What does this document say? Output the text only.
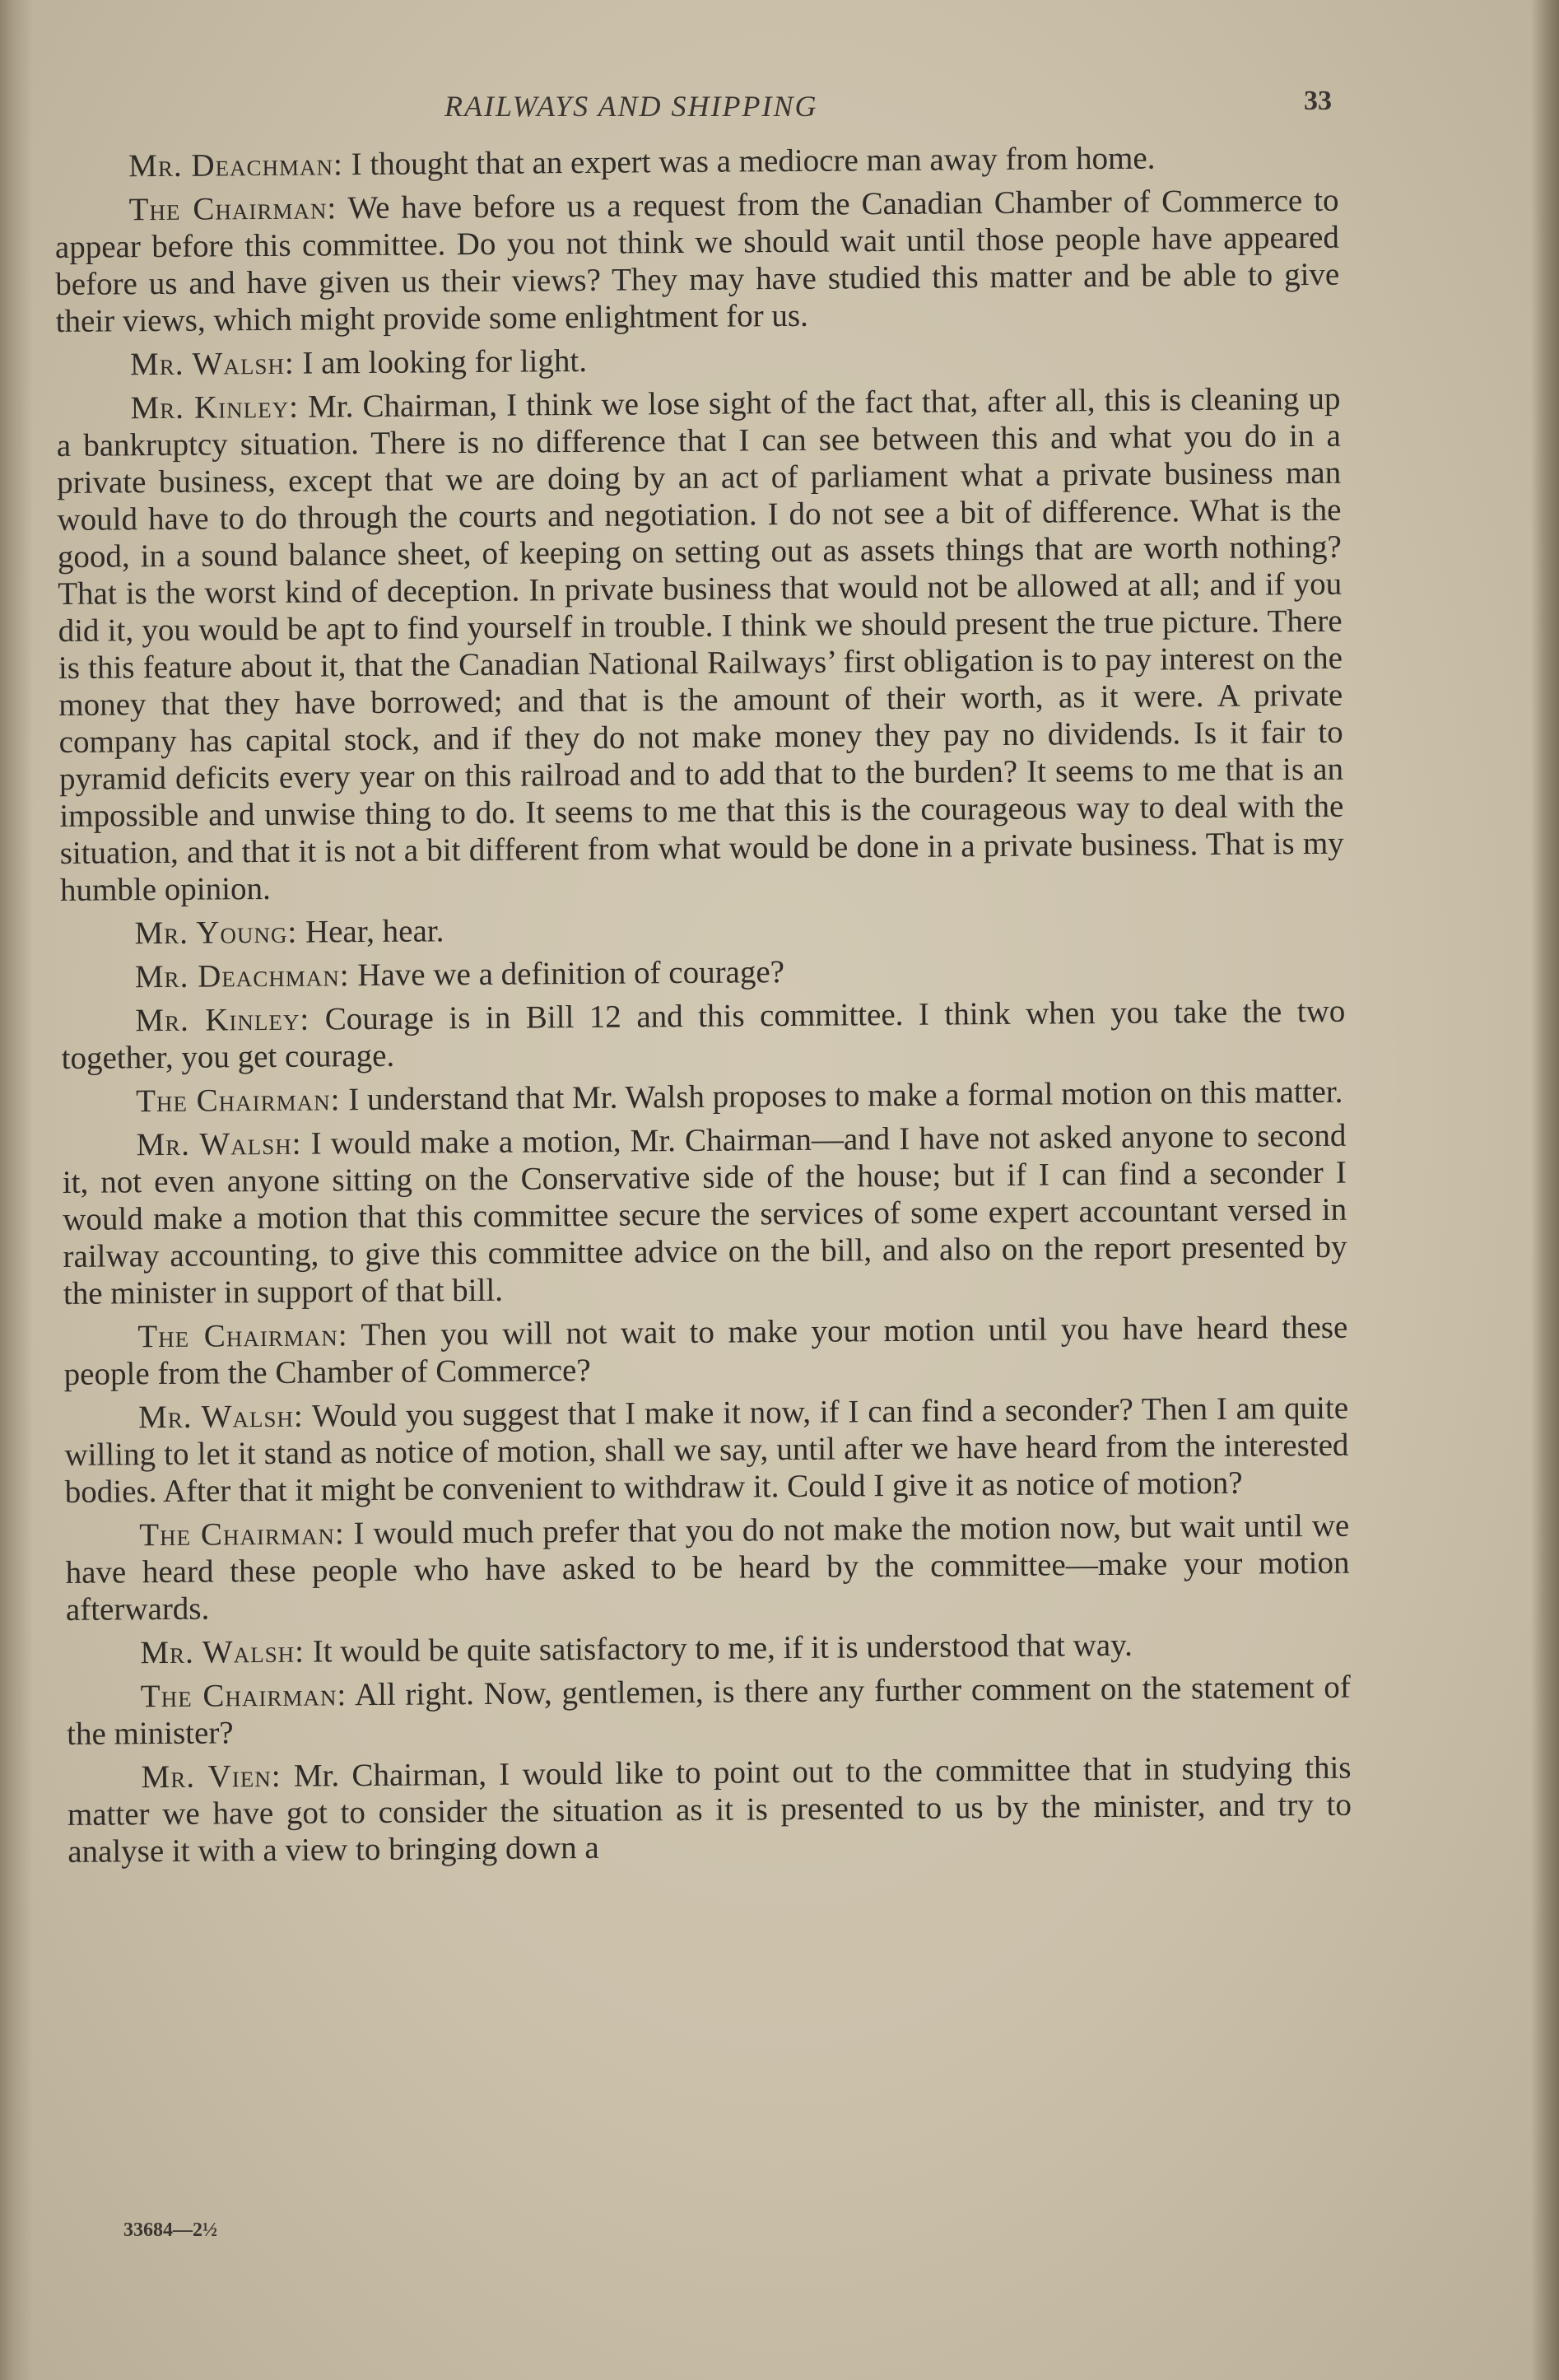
RAILWAYS AND SHIPPING	33

Mr. Deachman: I thought that an expert was a mediocre man away from home.

The Chairman: We have before us a request from the Canadian Chamber of Commerce to appear before this committee. Do you not think we should wait until those people have appeared before us and have given us their views? They may have studied this matter and be able to give their views, which might provide some enlightment for us.

Mr. Walsh: I am looking for light.

Mr. Kinley: Mr. Chairman, I think we lose sight of the fact that, after all, this is cleaning up a bankruptcy situation. There is no difference that I can see between this and what you do in a private business, except that we are doing by an act of parliament what a private business man would have to do through the courts and negotiation. I do not see a bit of difference. What is the good, in a sound balance sheet, of keeping on setting out as assets things that are worth nothing? That is the worst kind of deception. In private business that would not be allowed at all; and if you did it, you would be apt to find yourself in trouble. I think we should present the true picture. There is this feature about it, that the Canadian National Railways’ first obligation is to pay interest on the money that they have borrowed; and that is the amount of their worth, as it were. A private company has capital stock, and if they do not make money they pay no dividends. Is it fair to pyramid deficits every year on this railroad and to add that to the burden? It seems to me that is an impossible and unwise thing to do. It seems to me that this is the courageous way to deal with the situation, and that it is not a bit different from what would be done in a private business. That is my humble opinion.

Mr. Young: Hear, hear.

Mr. Deachman: Have we a definition of courage?

Mr. Kinley: Courage is in Bill 12 and this committee. I think when you take the two together, you get courage.

The Chairman: I understand that Mr. Walsh proposes to make a formal motion on this matter.

Mr. Walsh: I would make a motion, Mr. Chairman—and I have not asked anyone to second it, not even anyone sitting on the Conservative side of the house; but if I can find a seconder I would make a motion that this committee secure the services of some expert accountant versed in railway accounting, to give this committee advice on the bill, and also on the report presented by the minister in support of that bill.

The Chairman: Then you will not wait to make your motion until you have heard these people from the Chamber of Commerce?

Mr. Walsh: Would you suggest that I make it now, if I can find a seconder? Then I am quite willing to let it stand as notice of motion, shall we say, until after we have heard from the interested bodies. After that it might be convenient to withdraw it. Could I give it as notice of motion?

The Chairman: I would much prefer that you do not make the motion now, but wait until we have heard these people who have asked to be heard by the committee—make your motion afterwards.

Mr. Walsh: It would be quite satisfactory to me, if it is understood that way.

The Chairman: All right. Now, gentlemen, is there any further comment on the statement of the minister?

Mr. Vien: Mr. Chairman, I would like to point out to the committee that in studying this matter we have got to consider the situation as it is presented to us by the minister, and try to analyse it with a view to bringing down a

33684—2½
